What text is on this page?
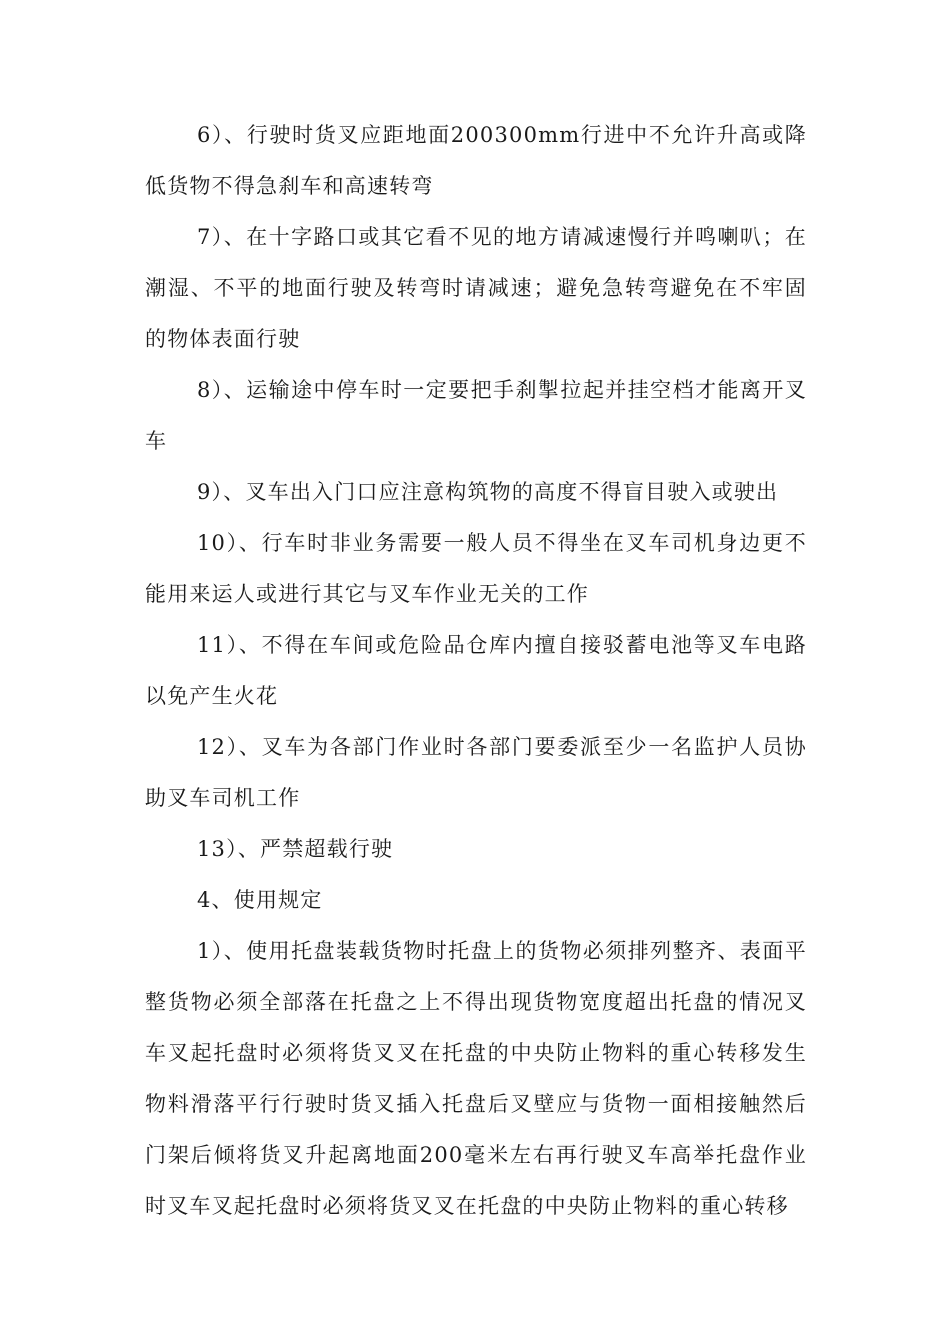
6）、行驶时货叉应距地面200300mm行进中不允许升高或降低货物不得急刹车和高速转弯

7）、在十字路口或其它看不见的地方请减速慢行并鸣喇叭；在潮湿、不平的地面行驶及转弯时请减速；避免急转弯避免在不牢固的物体表面行驶

8）、运输途中停车时一定要把手刹掣拉起并挂空档才能离开叉车

9）、叉车出入门口应注意构筑物的高度不得盲目驶入或驶出

10）、行车时非业务需要一般人员不得坐在叉车司机身边更不能用来运人或进行其它与叉车作业无关的工作

11）、不得在车间或危险品仓库内擅自接驳蓄电池等叉车电路以免产生火花

12）、叉车为各部门作业时各部门要委派至少一名监护人员协助叉车司机工作

13）、严禁超载行驶

4、使用规定

1）、使用托盘装载货物时托盘上的货物必须排列整齐、表面平整货物必须全部落在托盘之上不得出现货物宽度超出托盘的情况叉车叉起托盘时必须将货叉叉在托盘的中央防止物料的重心转移发生物料滑落平行行驶时货叉插入托盘后叉壁应与货物一面相接触然后门架后倾将货叉升起离地面200毫米左右再行驶叉车高举托盘作业时叉车叉起托盘时必须将货叉叉在托盘的中央防止物料的重心转移
